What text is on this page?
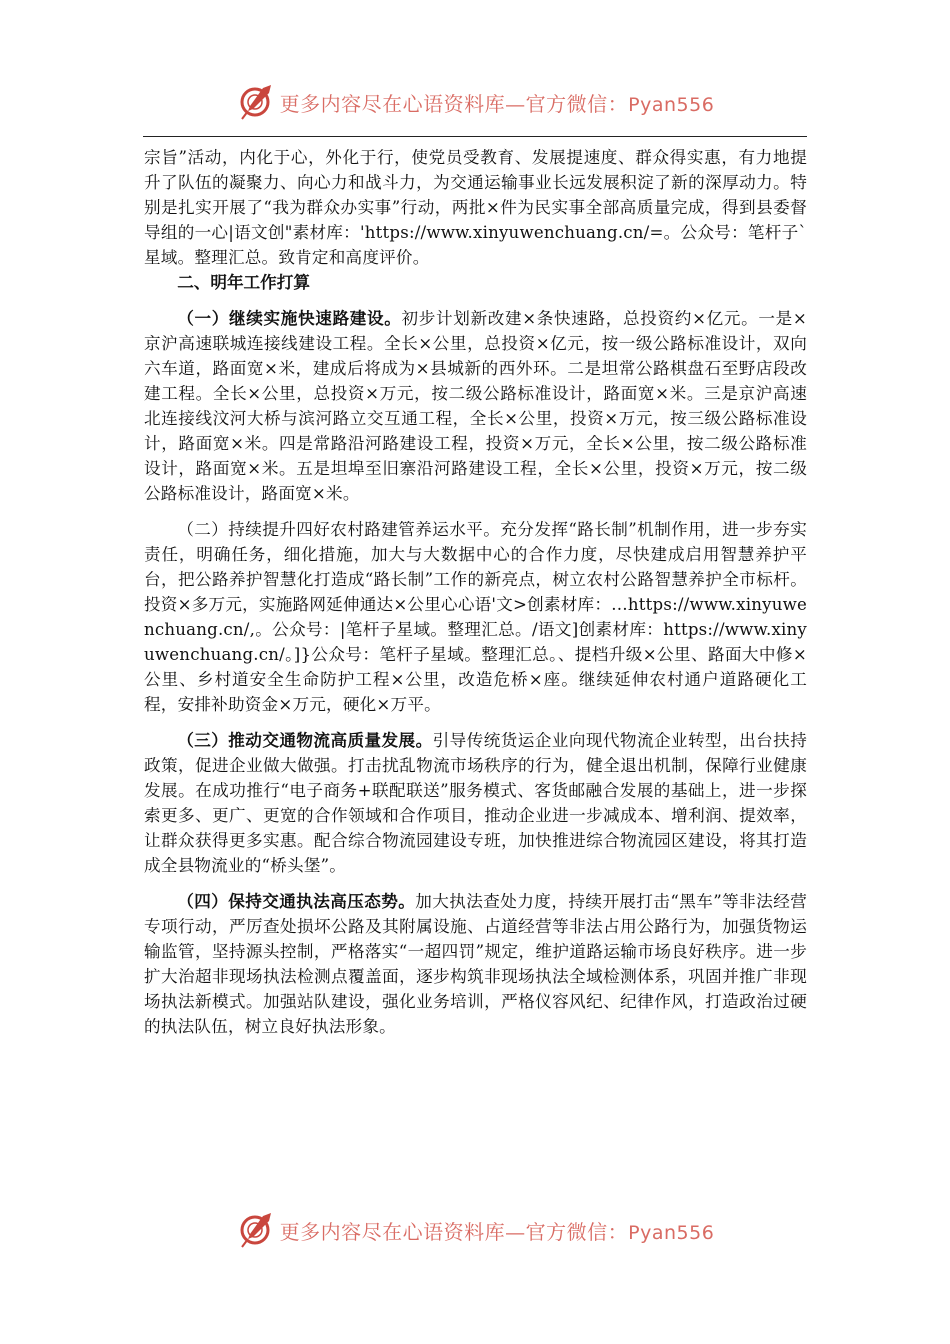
更多内容尽在心语资料库—官方微信：Pyan556

宗旨”活动，内化于心，外化于行，使党员受教育、发展提速度、群众得实惠，有力地提升了队伍的凝聚力、向心力和战斗力，为交通运输事业长远发展积淀了新的深厚动力。特别是扎实开展了“我为群众办实事”行动，两批×件为民实事全部高质量完成，得到县委督导组的一心|语文创"素材库：'https://www.xinyuwenchuang.cn/=。公众号：笔杆子`星域。整理汇总。致肯定和高度评价。

二、明年工作打算

（一）继续实施快速路建设。初步计划新改建×条快速路，总投资约×亿元。一是×京沪高速联城连接线建设工程。全长×公里，总投资×亿元，按一级公路标准设计，双向六车道，路面宽×米，建成后将成为×县城新的西外环。二是坦常公路棋盘石至野店段改建工程。全长×公里，总投资×万元，按二级公路标准设计，路面宽×米。三是京沪高速北连接线汶河大桥与滨河路立交互通工程，全长×公里，投资×万元，按三级公路标准设计，路面宽×米。四是常路沿河路建设工程，投资×万元，全长×公里，按二级公路标准设计，路面宽×米。五是坦埠至旧寨沿河路建设工程，全长×公里，投资×万元，按二级公路标准设计，路面宽×米。

（二）持续提升四好农村路建管养运水平。充分发挥“路长制”机制作用，进一步夯实责任，明确任务，细化措施，加大与大数据中心的合作力度，尽快建成启用智慧养护平台，把公路养护智慧化打造成“路长制”工作的新亮点，树立农村公路智慧养护全市标杆。投资×多万元，实施路网延伸通达×公里心心语'文>创素材库：…https://www.xinyuwenchuang.cn/,。公众号：|笔杆子星域。整理汇总。/语文]创素材库：https://www.xinyuwenchuang.cn/。]}公众号：笔杆子星域。整理汇总。、提档升级×公里、路面大中修×公里、乡村道安全生命防护工程×公里，改造危桥×座。继续延伸农村通户道路硬化工程，安排补助资金×万元，硬化×万平。

（三）推动交通物流高质量发展。引导传统货运企业向现代物流企业转型，出台扶持政策，促进企业做大做强。打击扰乱物流市场秩序的行为，健全退出机制，保障行业健康发展。在成功推行“电子商务+联配联送”服务模式、客货邮融合发展的基础上，进一步探索更多、更广、更宽的合作领域和合作项目，推动企业进一步减成本、增利润、提效率，让群众获得更多实惠。配合综合物流园建设专班，加快推进综合物流园区建设，将其打造成全县物流业的“桥头堡”。

（四）保持交通执法高压态势。加大执法查处力度，持续开展打击“黑车”等非法经营专项行动，严厉查处损坏公路及其附属设施、占道经营等非法占用公路行为，加强货物运输监管，坚持源头控制，严格落实“一超四罚”规定，维护道路运输市场良好秩序。进一步扩大治超非现场执法检测点覆盖面，逐步构筑非现场执法全域检测体系，巩固并推广非现场执法新模式。加强站队建设，强化业务培训，严格仪容风纪、纪律作风，打造政治过硬的执法队伍，树立良好执法形象。

更多内容尽在心语资料库—官方微信：Pyan556
